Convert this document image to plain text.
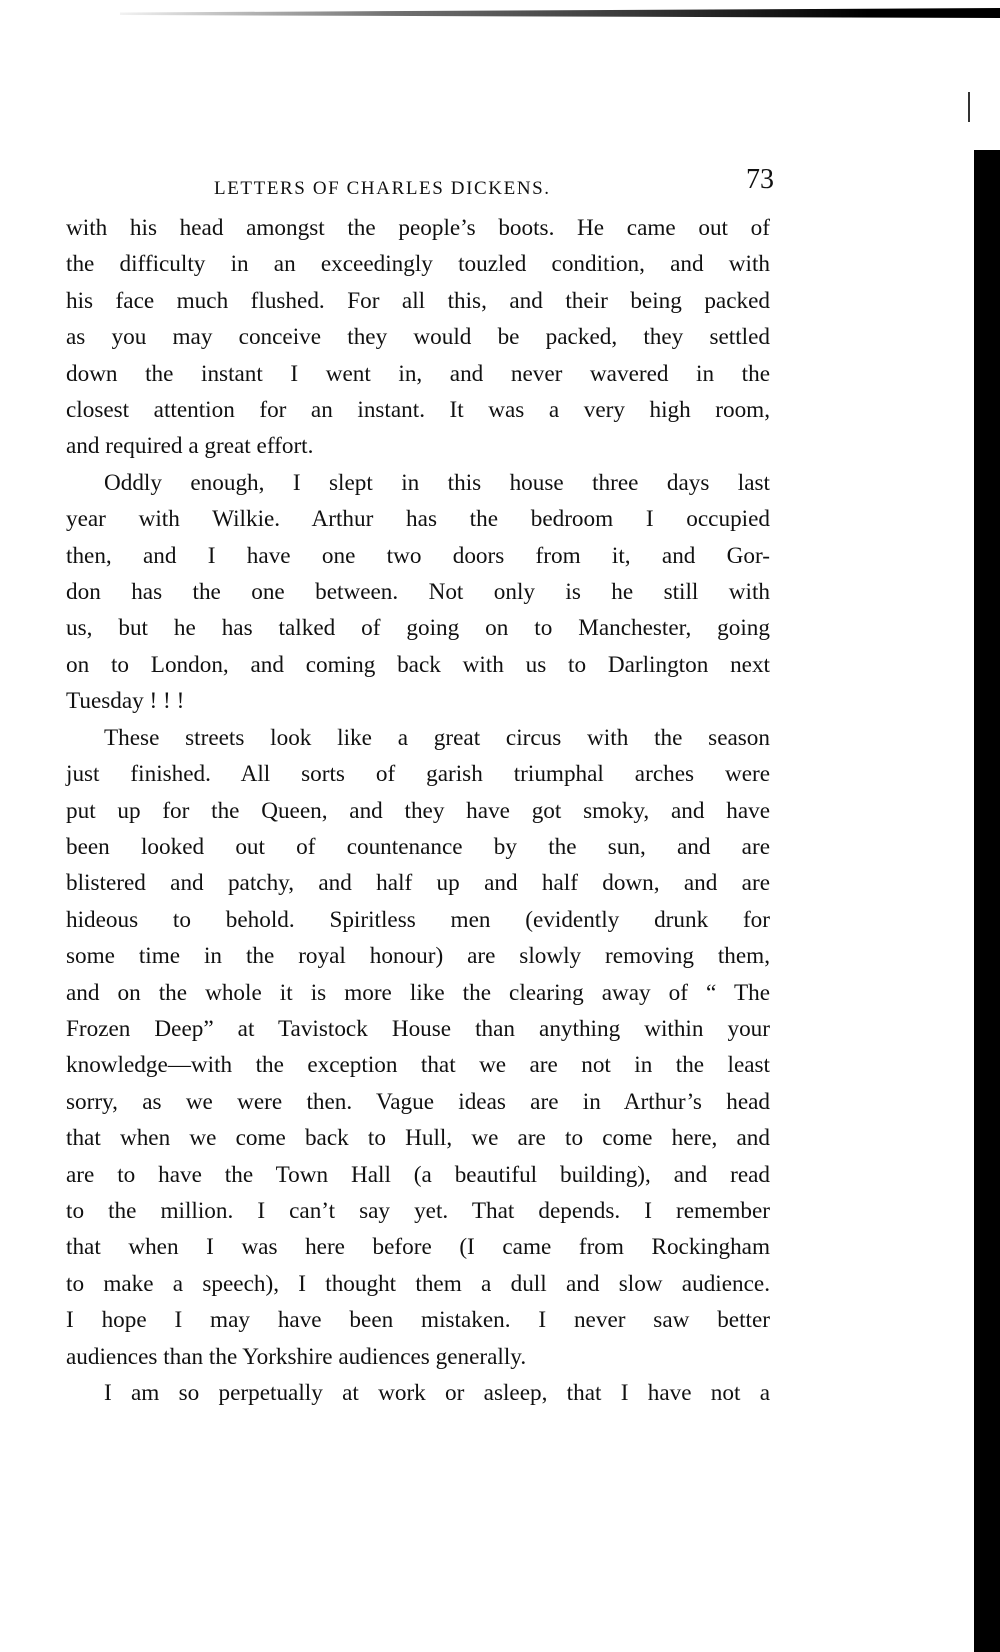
LETTERS OF CHARLES DICKENS.	73
with his head amongst the people’s boots. He came out of
the difficulty in an exceedingly touzled condition, and with
his face much flushed. For all this, and their being packed
as you may conceive they would be packed, they settled
down the instant I went in, and never wavered in the
closest attention for an instant. It was a very high room,
and required a great effort.
Oddly enough, I slept in this house three days last
year with Wilkie. Arthur has the bedroom I occupied
then, and I have one two doors from it, and Gor-
don has the one between. Not only is he still with
us, but he has talked of going on to Manchester, going
on to London, and coming back with us to Darlington next
Tuesday ! ! !
These streets look like a great circus with the season
just finished. All sorts of garish triumphal arches were
put up for the Queen, and they have got smoky, and have
been looked out of countenance by the sun, and are
blistered and patchy, and half up and half down, and are
hideous to behold. Spiritless men (evidently drunk for
some time in the royal honour) are slowly removing them,
and on the whole it is more like the clearing away of “ The
Frozen Deep” at Tavistock House than anything within your
knowledge—with the exception that we are not in the least
sorry, as we were then. Vague ideas are in Arthur’s head
that when we come back to Hull, we are to come here, and
are to have the Town Hall (a beautiful building), and read
to the million. I can’t say yet. That depends. I remember
that when I was here before (I came from Rockingham
to make a speech), I thought them a dull and slow audience.
I hope I may have been mistaken. I never saw better
audiences than the Yorkshire audiences generally.
I am so perpetually at work or asleep, that I have not a
